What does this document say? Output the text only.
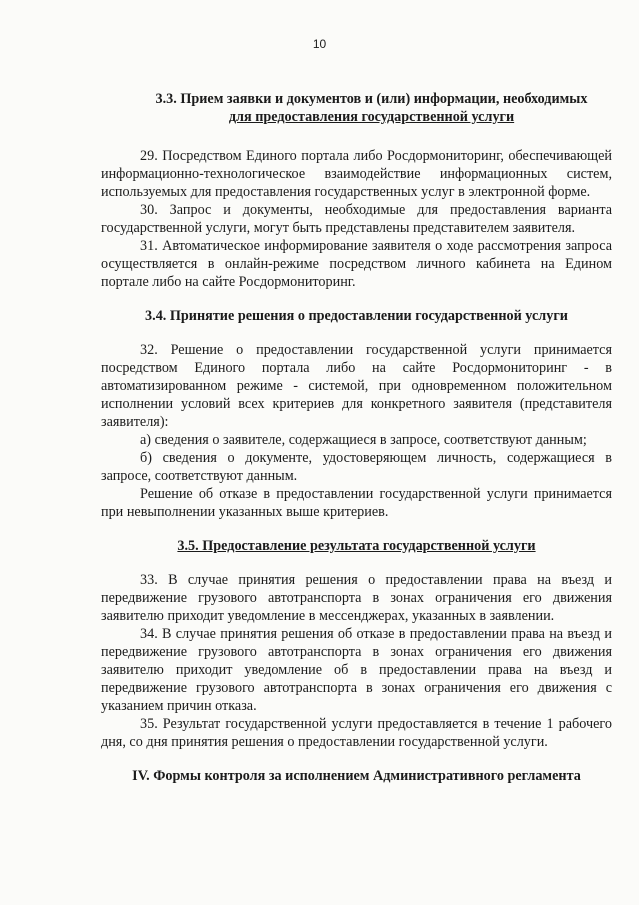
10
3.3. Прием заявки и документов и (или) информации, необходимых
для предоставления государственной услуги

29. Посредством Единого портала либо Росдормониторинг, обеспечивающей информационно-технологическое взаимодействие информационных систем, используемых для предоставления государственных услуг в электронной форме.

30. Запрос и документы, необходимые для предоставления варианта государственной услуги, могут быть представлены представителем заявителя.

31. Автоматическое информирование заявителя о ходе рассмотрения запроса осуществляется в онлайн-режиме посредством личного кабинета на Едином портале либо на сайте Росдормониторинг.

3.4. Принятие решения о предоставлении государственной услуги

32. Решение о предоставлении государственной услуги принимается посредством Единого портала либо на сайте Росдормониторинг - в автоматизированном режиме - системой, при одновременном положительном исполнении условий всех критериев для конкретного заявителя (представителя заявителя):

а) сведения о заявителе, содержащиеся в запросе, соответствуют данным;

б) сведения о документе, удостоверяющем личность, содержащиеся в запросе, соответствуют данным.

Решение об отказе в предоставлении государственной услуги принимается при невыполнении указанных выше критериев.

3.5. Предоставление результата государственной услуги

33. В случае принятия решения о предоставлении права на въезд и передвижение грузового автотранспорта в зонах ограничения его движения заявителю приходит уведомление в мессенджерах, указанных в заявлении.

34. В случае принятия решения об отказе в предоставлении права на въезд и передвижение грузового автотранспорта в зонах ограничения его движения заявителю приходит уведомление об в предоставлении права на въезд и передвижение грузового автотранспорта в зонах ограничения его движения с указанием причин отказа.

35. Результат государственной услуги предоставляется в течение 1 рабочего дня, со дня принятия решения о предоставлении государственной услуги.

IV. Формы контроля за исполнением Административного регламента
